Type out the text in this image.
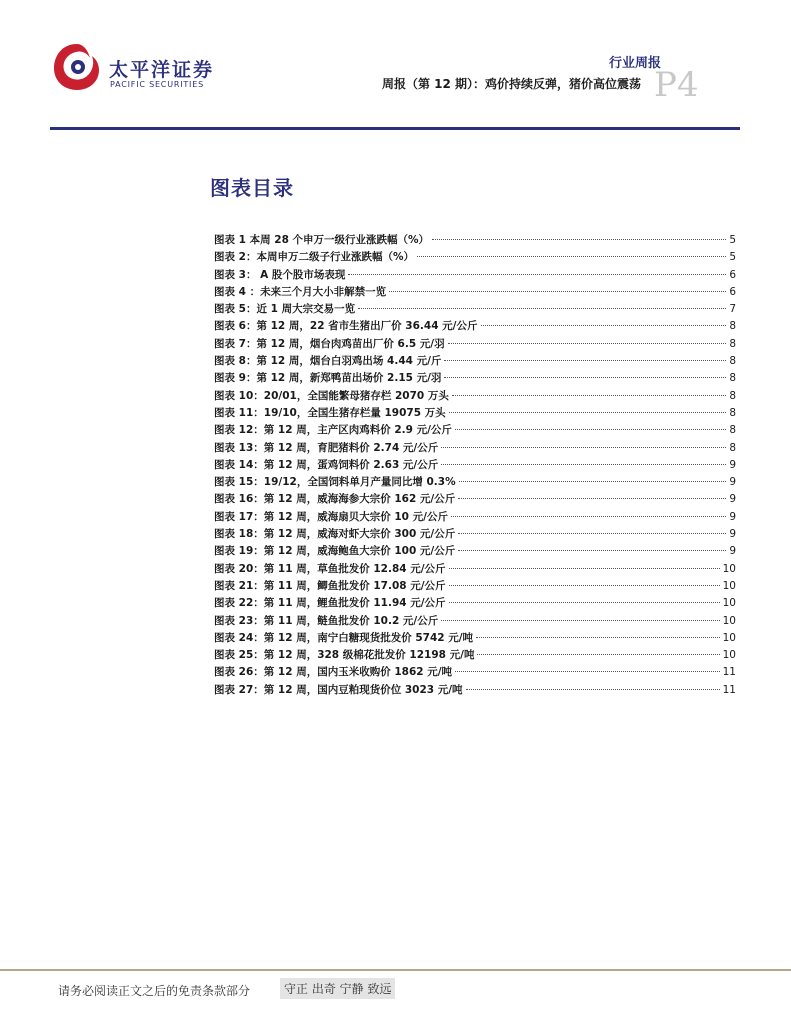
太平洋证券
PACIFIC SECURITIES
行业周报
周报（第 12 期）：鸡价持续反弹，猪价高位震荡 P4
图表目录
图表 1 本周 28 个申万一级行业涨跌幅（%）	5
图表 2：本周申万二级子行业涨跌幅（%）	5
图表 3： A 股个股市场表现	6
图表 4 ：未来三个月大小非解禁一览	6
图表 5：近 1 周大宗交易一览	7
图表 6：第 12 周，22 省市生猪出厂价 36.44 元/公斤	8
图表 7：第 12 周，烟台肉鸡苗出厂价 6.5 元/羽	8
图表 8：第 12 周，烟台白羽鸡出场 4.44 元/斤	8
图表 9：第 12 周，新郑鸭苗出场价 2.15 元/羽	8
图表 10：20/01，全国能繁母猪存栏 2070 万头	8
图表 11：19/10，全国生猪存栏量 19075 万头	8
图表 12：第 12 周，主产区肉鸡料价 2.9 元/公斤	8
图表 13：第 12 周，育肥猪料价 2.74 元/公斤	8
图表 14：第 12 周，蛋鸡饲料价 2.63 元/公斤	9
图表 15：19/12，全国饲料单月产量同比增 0.3%	9
图表 16：第 12 周，威海海参大宗价 162 元/公斤	9
图表 17：第 12 周，威海扇贝大宗价 10 元/公斤	9
图表 18：第 12 周，威海对虾大宗价 300 元/公斤	9
图表 19：第 12 周，威海鲍鱼大宗价 100 元/公斤	9
图表 20：第 11 周，草鱼批发价 12.84 元/公斤	10
图表 21：第 11 周，鲫鱼批发价 17.08 元/公斤	10
图表 22：第 11 周，鲤鱼批发价 11.94 元/公斤	10
图表 23：第 11 周，鲢鱼批发价 10.2 元/公斤	10
图表 24：第 12 周，南宁白糖现货批发价 5742 元/吨	10
图表 25：第 12 周，328 级棉花批发价 12198 元/吨	10
图表 26：第 12 周，国内玉米收购价 1862 元/吨	11
图表 27：第 12 周，国内豆粕现货价位 3023 元/吨	11
请务必阅读正文之后的免责条款部分	守正 出奇 宁静 致远
